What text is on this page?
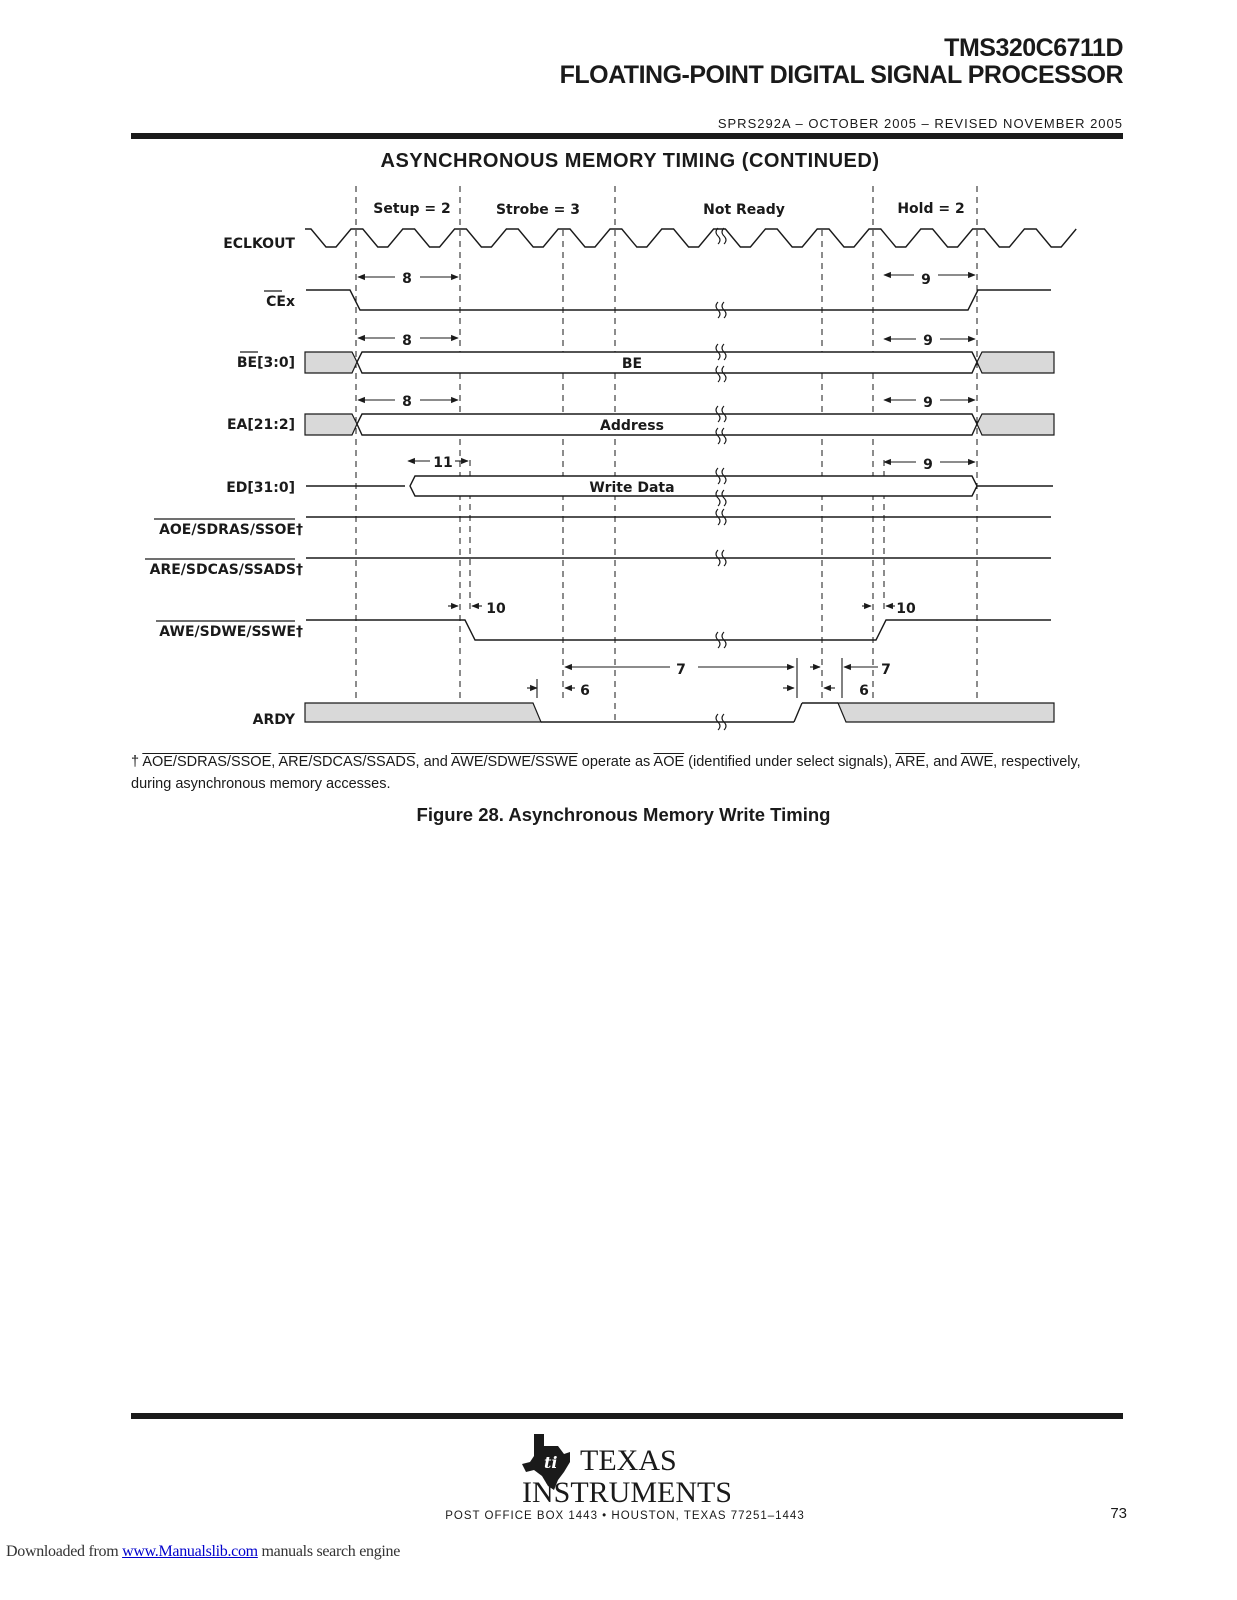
TMS320C6711D
FLOATING-POINT DIGITAL SIGNAL PROCESSOR
SPRS292A – OCTOBER 2005 – REVISED NOVEMBER 2005
ASYNCHRONOUS MEMORY TIMING (CONTINUED)
Setup = 2	Strobe = 3	Not Ready	Hold = 2
ECLKOUT
CEx
BE[3:0]
EA[21:2]
ED[31:0]
AOE/SDRAS/SSOE†
ARE/SDCAS/SSADS†
AWE/SDWE/SSWE†
ARDY
BE
Address
Write Data
8	9
8	9
8	9
11	9
10	10
7	7
6	6
† AOE/SDRAS/SSOE, ARE/SDCAS/SSADS, and AWE/SDWE/SSWE operate as $\overline{AOE}$ (identified under select signals), $\overline{ARE}$, and $\overline{AWE}$, respectively, during asynchronous memory accesses.
Figure 28. Asynchronous Memory Write Timing
ti TEXAS
INSTRUMENTS
POST OFFICE BOX 1443 • HOUSTON, TEXAS 77251–1443	73
Downloaded from www.Manualslib.com manuals search engine
